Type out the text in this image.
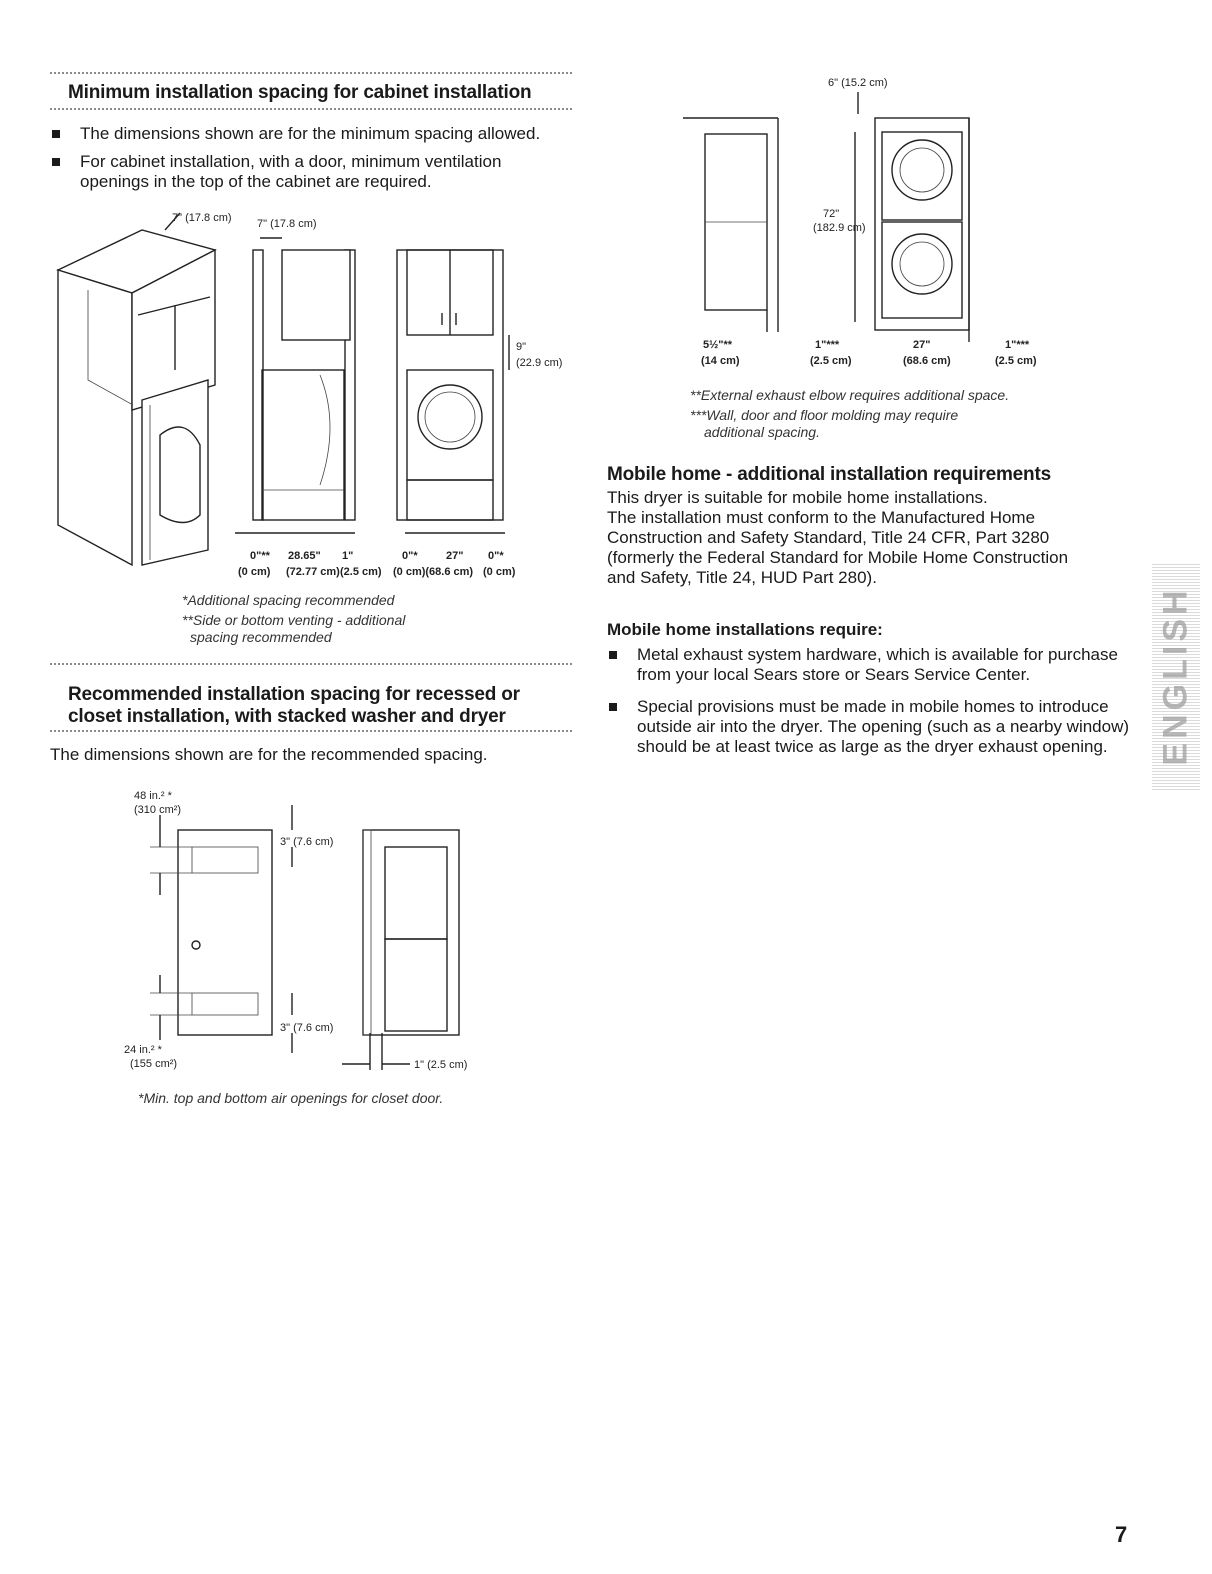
Minimum installation spacing for cabinet installation
The dimensions shown are for the minimum spacing allowed.
For cabinet installation, with a door, minimum ventilation openings in the top of the cabinet are required.
7" (17.8 cm) 7" (17.8 cm)
9"
(22.9 cm)
0"** 28.65" 1"	0"*	27" 0"*
(0 cm) (72.77 cm) (2.5 cm) (0 cm)(68.6 cm) (0 cm)
*Additional spacing recommended
**Side or bottom venting - additional
spacing recommended
Recommended installation spacing for recessed or
closet installation, with stacked washer and dryer
The dimensions shown are for the recommended spacing.
48 in.² *
(310 cm²)
3" (7.6 cm)
3" (7.6 cm)
24 in.² *
(155 cm²)	1" (2.5 cm)
*Min. top and bottom air openings for closet door.
6" (15.2 cm)
72"
(182.9 cm)
5½"**	1"***	27"	1"***
(14 cm)	(2.5 cm)	(68.6 cm)	(2.5 cm)
**External exhaust elbow requires additional space.
***Wall, door and floor molding may require
additional spacing.
Mobile home - additional installation requirements
This dryer is suitable for mobile home installations.
The installation must conform to the Manufactured Home
Construction and Safety Standard, Title 24 CFR, Part 3280
(formerly the Federal Standard for Mobile Home Construction
and Safety, Title 24, HUD Part 280).
Mobile home installations require:
Metal exhaust system hardware, which is available for purchase from your local Sears store or Sears Service Center.
Special provisions must be made in mobile homes to introduce outside air into the dryer. The opening (such as a nearby window) should be at least twice as large as the dryer exhaust opening.	ENGLISH
7
